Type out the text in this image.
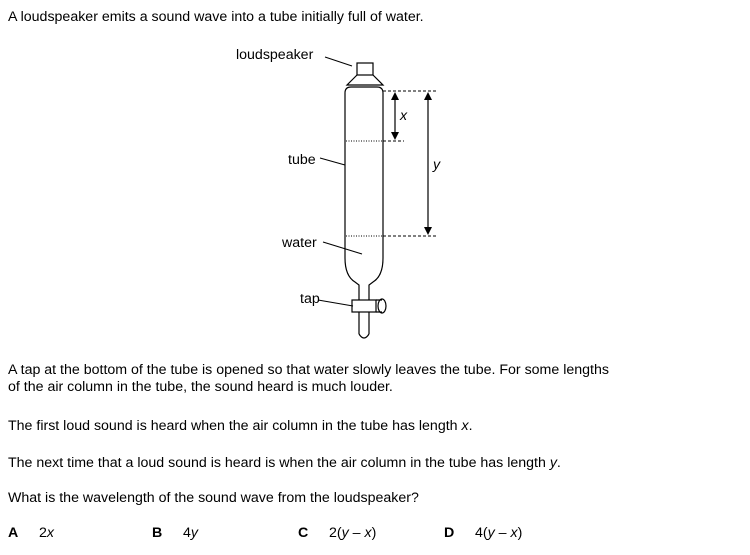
A loudspeaker emits a sound wave into a tube initially full of water.
loudspeaker
tap
tube
water
x
y
A tap at the bottom of the tube is opened so that water slowly leaves the tube. For some lengths
of the air column in the tube, the sound heard is much louder.
The first loud sound is heard when the air column in the tube has length x.
The next time that a loud sound is heard is when the air column in the tube has length y.
What is the wavelength of the sound wave from the loudspeaker?
A 2x	B 4y	C 2(y – x)	D 4(y – x)
